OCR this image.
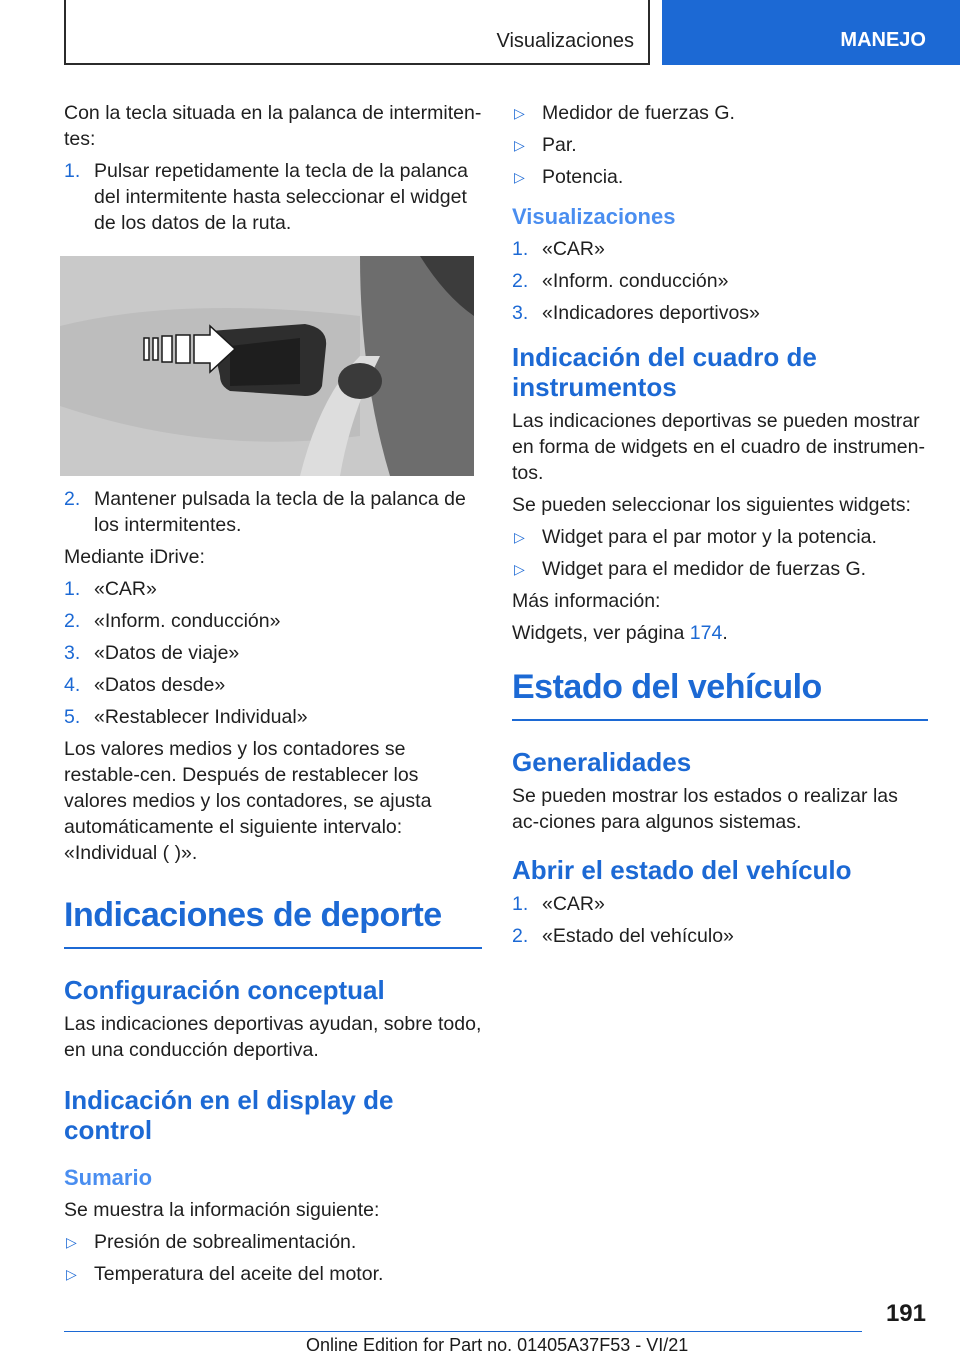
Visualizaciones	MANEJO

Con la tecla situada en la palanca de intermiten‐tes:

1. Pulsar repetidamente la tecla de la palanca del intermitente hasta seleccionar el widget de los datos de la ruta.
2. Mantener pulsada la tecla de la palanca de los intermitentes.

Mediante iDrive:

1. «CAR»
2. «Inform. conducción»
3. «Datos de viaje»
4. «Datos desde»
5. «Restablecer Individual»

Los valores medios y los contadores se restable‐cen. Después de restablecer los valores medios y los contadores, se ajusta automáticamente el siguiente intervalo: «Individual ( )».

Indicaciones de deporte
Configuración conceptual

Las indicaciones deportivas ayudan, sobre todo, en una conducción deportiva.

Indicación en el display de control
Sumario

Se muestra la información siguiente:

▷ Presión de sobrealimentación.
▷ Temperatura del aceite del motor.
▷ Medidor de fuerzas G.
▷ Par.
▷ Potencia.
Visualizaciones
1. «CAR»
2. «Inform. conducción»
3. «Indicadores deportivos»
Indicación del cuadro de instrumentos

Las indicaciones deportivas se pueden mostrar en forma de widgets en el cuadro de instrumen‐tos.

Se pueden seleccionar los siguientes widgets:

▷ Widget para el par motor y la potencia.
▷ Widget para el medidor de fuerzas G.

Más información:

Widgets, ver página 174.

Estado del vehículo
Generalidades

Se pueden mostrar los estados o realizar las ac‐ciones para algunos sistemas.

Abrir el estado del vehículo
1. «CAR»
2. «Estado del vehículo»
191
Online Edition for Part no. 01405A37F53 - VI/21
